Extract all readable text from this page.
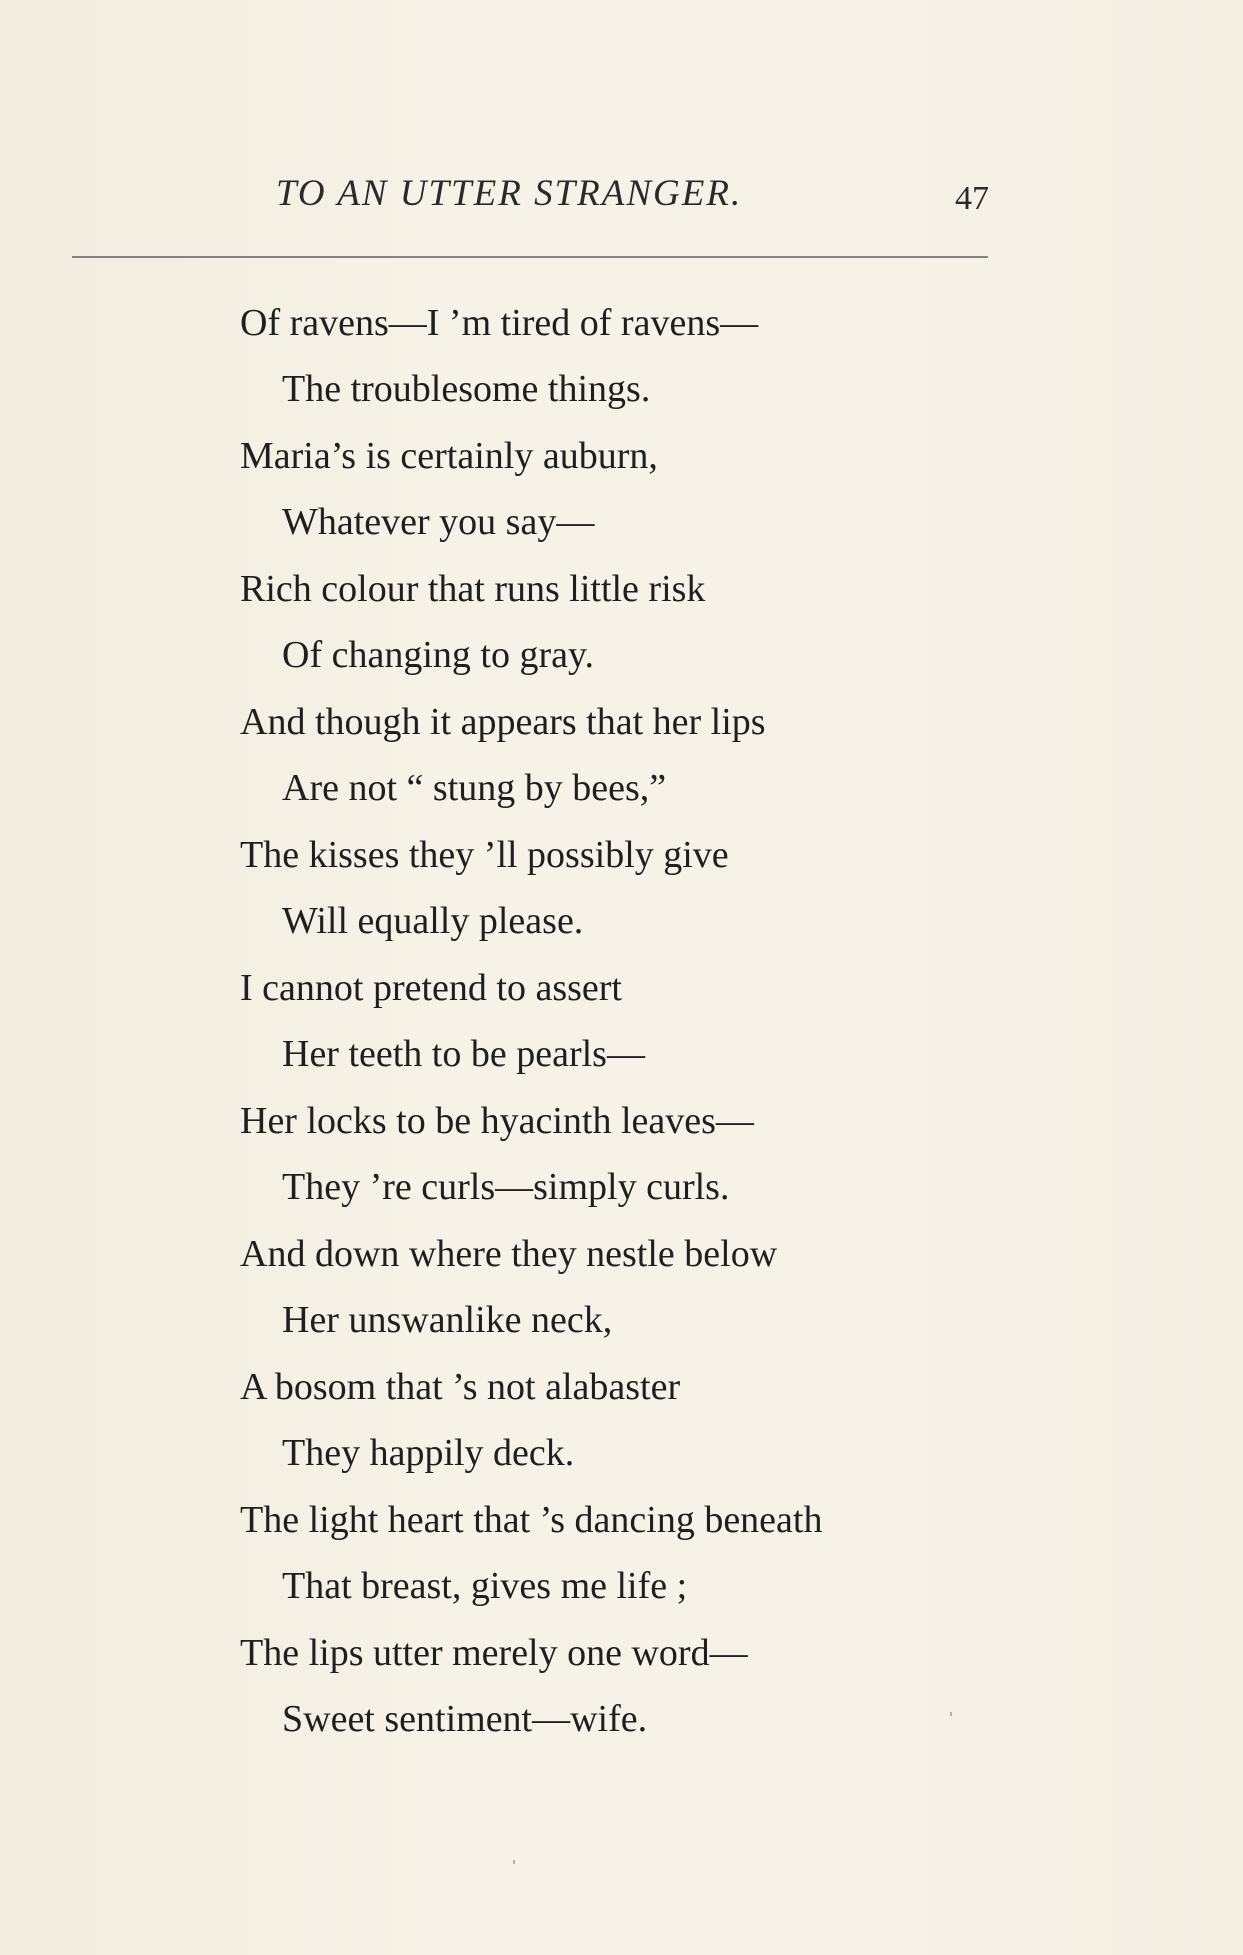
TO AN UTTER STRANGER.	47
Of ravens—I ’m tired of ravens—
The troublesome things.
Maria’s is certainly auburn,
Whatever you say—
Rich colour that runs little risk
Of changing to gray.
And though it appears that her lips
Are not “ stung by bees,”
The kisses they ’ll possibly give
Will equally please.
I cannot pretend to assert
Her teeth to be pearls—
Her locks to be hyacinth leaves—
They ’re curls—simply curls.
And down where they nestle below
Her unswanlike neck,
A bosom that ’s not alabaster
They happily deck.
The light heart that ’s dancing beneath
That breast, gives me life ;
The lips utter merely one word—
Sweet sentiment—wife.
